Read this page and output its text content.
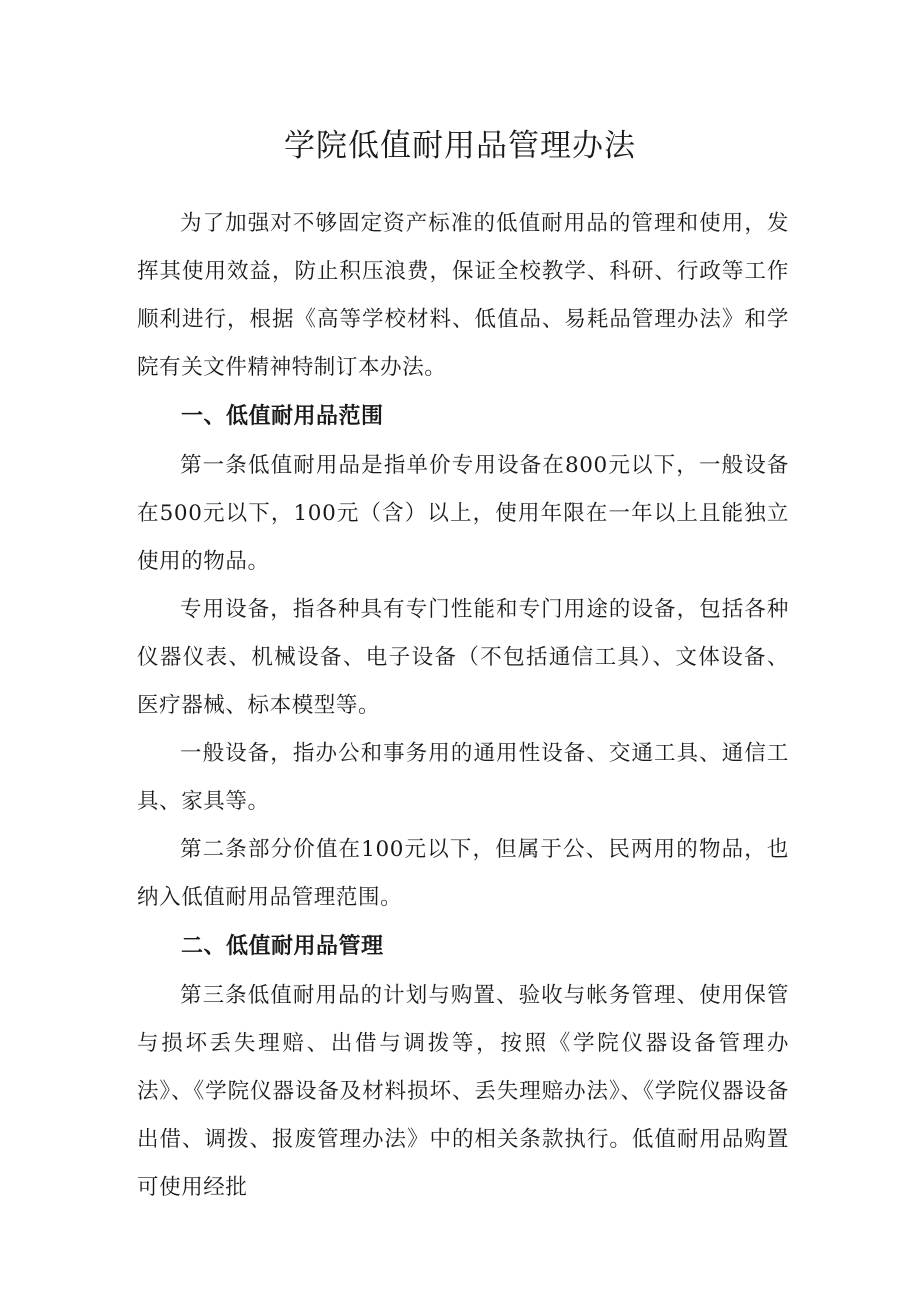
学院低值耐用品管理办法

为了加强对不够固定资产标准的低值耐用品的管理和使用，发挥其使用效益，防止积压浪费，保证全校教学、科研、行政等工作顺利进行，根据《高等学校材料、低值品、易耗品管理办法》和学院有关文件精神特制订本办法。

一、低值耐用品范围

第一条低值耐用品是指单价专用设备在800元以下，一般设备在500元以下，100元（含）以上，使用年限在一年以上且能独立使用的物品。

专用设备，指各种具有专门性能和专门用途的设备，包括各种仪器仪表、机械设备、电子设备（不包括通信工具）、文体设备、医疗器械、标本模型等。

一般设备，指办公和事务用的通用性设备、交通工具、通信工具、家具等。

第二条部分价值在100元以下，但属于公、民两用的物品，也纳入低值耐用品管理范围。

二、低值耐用品管理

第三条低值耐用品的计划与购置、验收与帐务管理、使用保管与损坏丢失理赔、出借与调拨等，按照《学院仪器设备管理办法》、《学院仪器设备及材料损坏、丢失理赔办法》、《学院仪器设备出借、调拨、报废管理办法》中的相关条款执行。低值耐用品购置可使用经批
